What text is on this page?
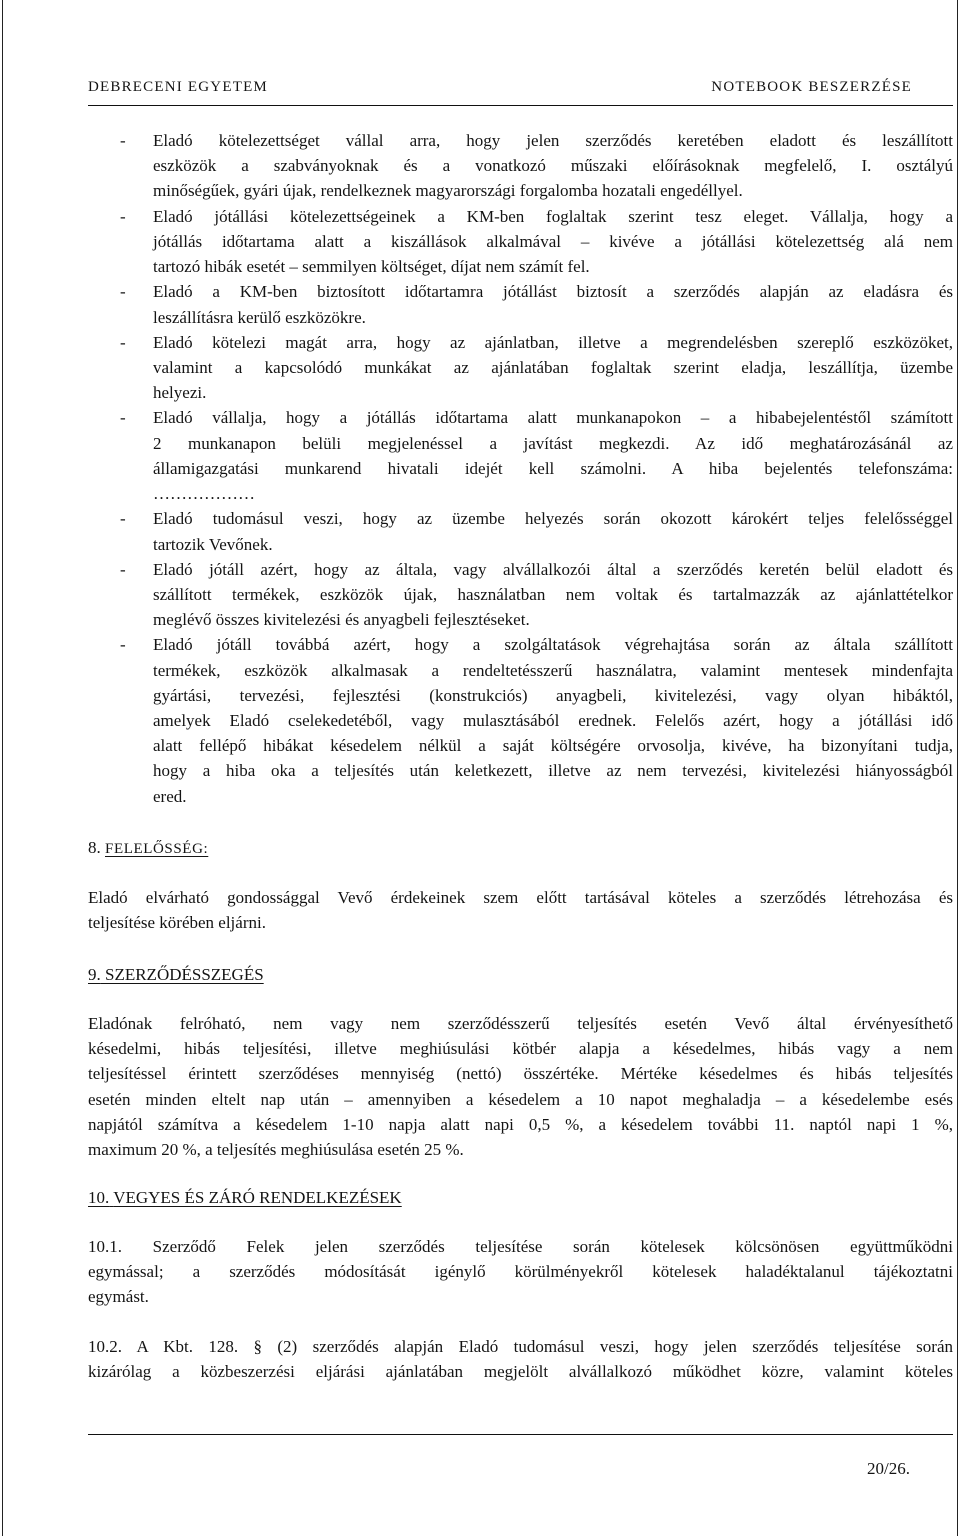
DEBRECENI EGYETEM	NOTEBOOK BESZERZÉSE
- Eladó kötelezettséget vállal arra, hogy jelen szerződés keretében eladott és leszállított
eszközök a szabványoknak és a vonatkozó műszaki előírásoknak megfelelő, I. osztályú
minőségűek, gyári újak, rendelkeznek magyarországi forgalomba hozatali engedéllyel.
- Eladó jótállási kötelezettségeinek a KM-ben foglaltak szerint tesz eleget. Vállalja, hogy a
jótállás időtartama alatt a kiszállások alkalmával – kivéve a jótállási kötelezettség alá nem
tartozó hibák esetét – semmilyen költséget, díjat nem számít fel.
- Eladó a KM-ben biztosított időtartamra jótállást biztosít a szerződés alapján az eladásra és
leszállításra kerülő eszközökre.
- Eladó kötelezi magát arra, hogy az ajánlatban, illetve a megrendelésben szereplő eszközöket,
valamint a kapcsolódó munkákat az ajánlatában foglaltak szerint eladja, leszállítja, üzembe
helyezi.
- Eladó vállalja, hogy a jótállás időtartama alatt munkanapokon – a hibabejelentéstől számított
2 munkanapon belüli megjelenéssel a javítást megkezdi. Az idő meghatározásánál az
államigazgatási munkarend hivatali idejét kell számolni. A hiba bejelentés telefonszáma:
………………
- Eladó tudomásul veszi, hogy az üzembe helyezés során okozott károkért teljes felelősséggel
tartozik Vevőnek.
- Eladó jótáll azért, hogy az általa, vagy alvállalkozói által a szerződés keretén belül eladott és
szállított termékek, eszközök újak, használatban nem voltak és tartalmazzák az ajánlattételkor
meglévő összes kivitelezési és anyagbeli fejlesztéseket.
- Eladó jótáll továbbá azért, hogy a szolgáltatások végrehajtása során az általa szállított
termékek, eszközök alkalmasak a rendeltetésszerű használatra, valamint mentesek mindenfajta
gyártási, tervezési, fejlesztési (konstrukciós) anyagbeli, kivitelezési, vagy olyan hibáktól,
amelyek Eladó cselekedetéből, vagy mulasztásából erednek. Felelős azért, hogy a jótállási idő
alatt fellépő hibákat késedelem nélkül a saját költségére orvosolja, kivéve, ha bizonyítani tudja,
hogy a hiba oka a teljesítés után keletkezett, illetve az nem tervezési, kivitelezési hiányosságból
ered.
8. FELELŐSSÉG:
Eladó elvárható gondossággal Vevő érdekeinek szem előtt tartásával köteles a szerződés létrehozása és
teljesítése körében eljárni.
9. SZERZŐDÉSSZEGÉS
Eladónak felróható, nem vagy nem szerződésszerű teljesítés esetén Vevő által érvényesíthető
késedelmi, hibás teljesítési, illetve meghiúsulási kötbér alapja a késedelmes, hibás vagy a nem
teljesítéssel érintett szerződéses mennyiség (nettó) összértéke. Mértéke késedelmes és hibás teljesítés
esetén minden eltelt nap után – amennyiben a késedelem a 10 napot meghaladja – a késedelembe esés
napjától számítva a késedelem 1-10 napja alatt napi 0,5 %, a késedelem további 11. naptól napi 1 %,
maximum 20 %, a teljesítés meghiúsulása esetén 25 %.
10. VEGYES ÉS ZÁRÓ RENDELKEZÉSEK
10.1. Szerződő Felek jelen szerződés teljesítése során kötelesek kölcsönösen együttműködni
egymással; a szerződés módosítását igénylő körülményekről kötelesek haladéktalanul tájékoztatni
egymást.
10.2. A Kbt. 128. § (2) szerződés alapján Eladó tudomásul veszi, hogy jelen szerződés teljesítése során
kizárólag a közbeszerzési eljárási ajánlatában megjelölt alvállalkozó működhet közre, valamint köteles
20/26.
